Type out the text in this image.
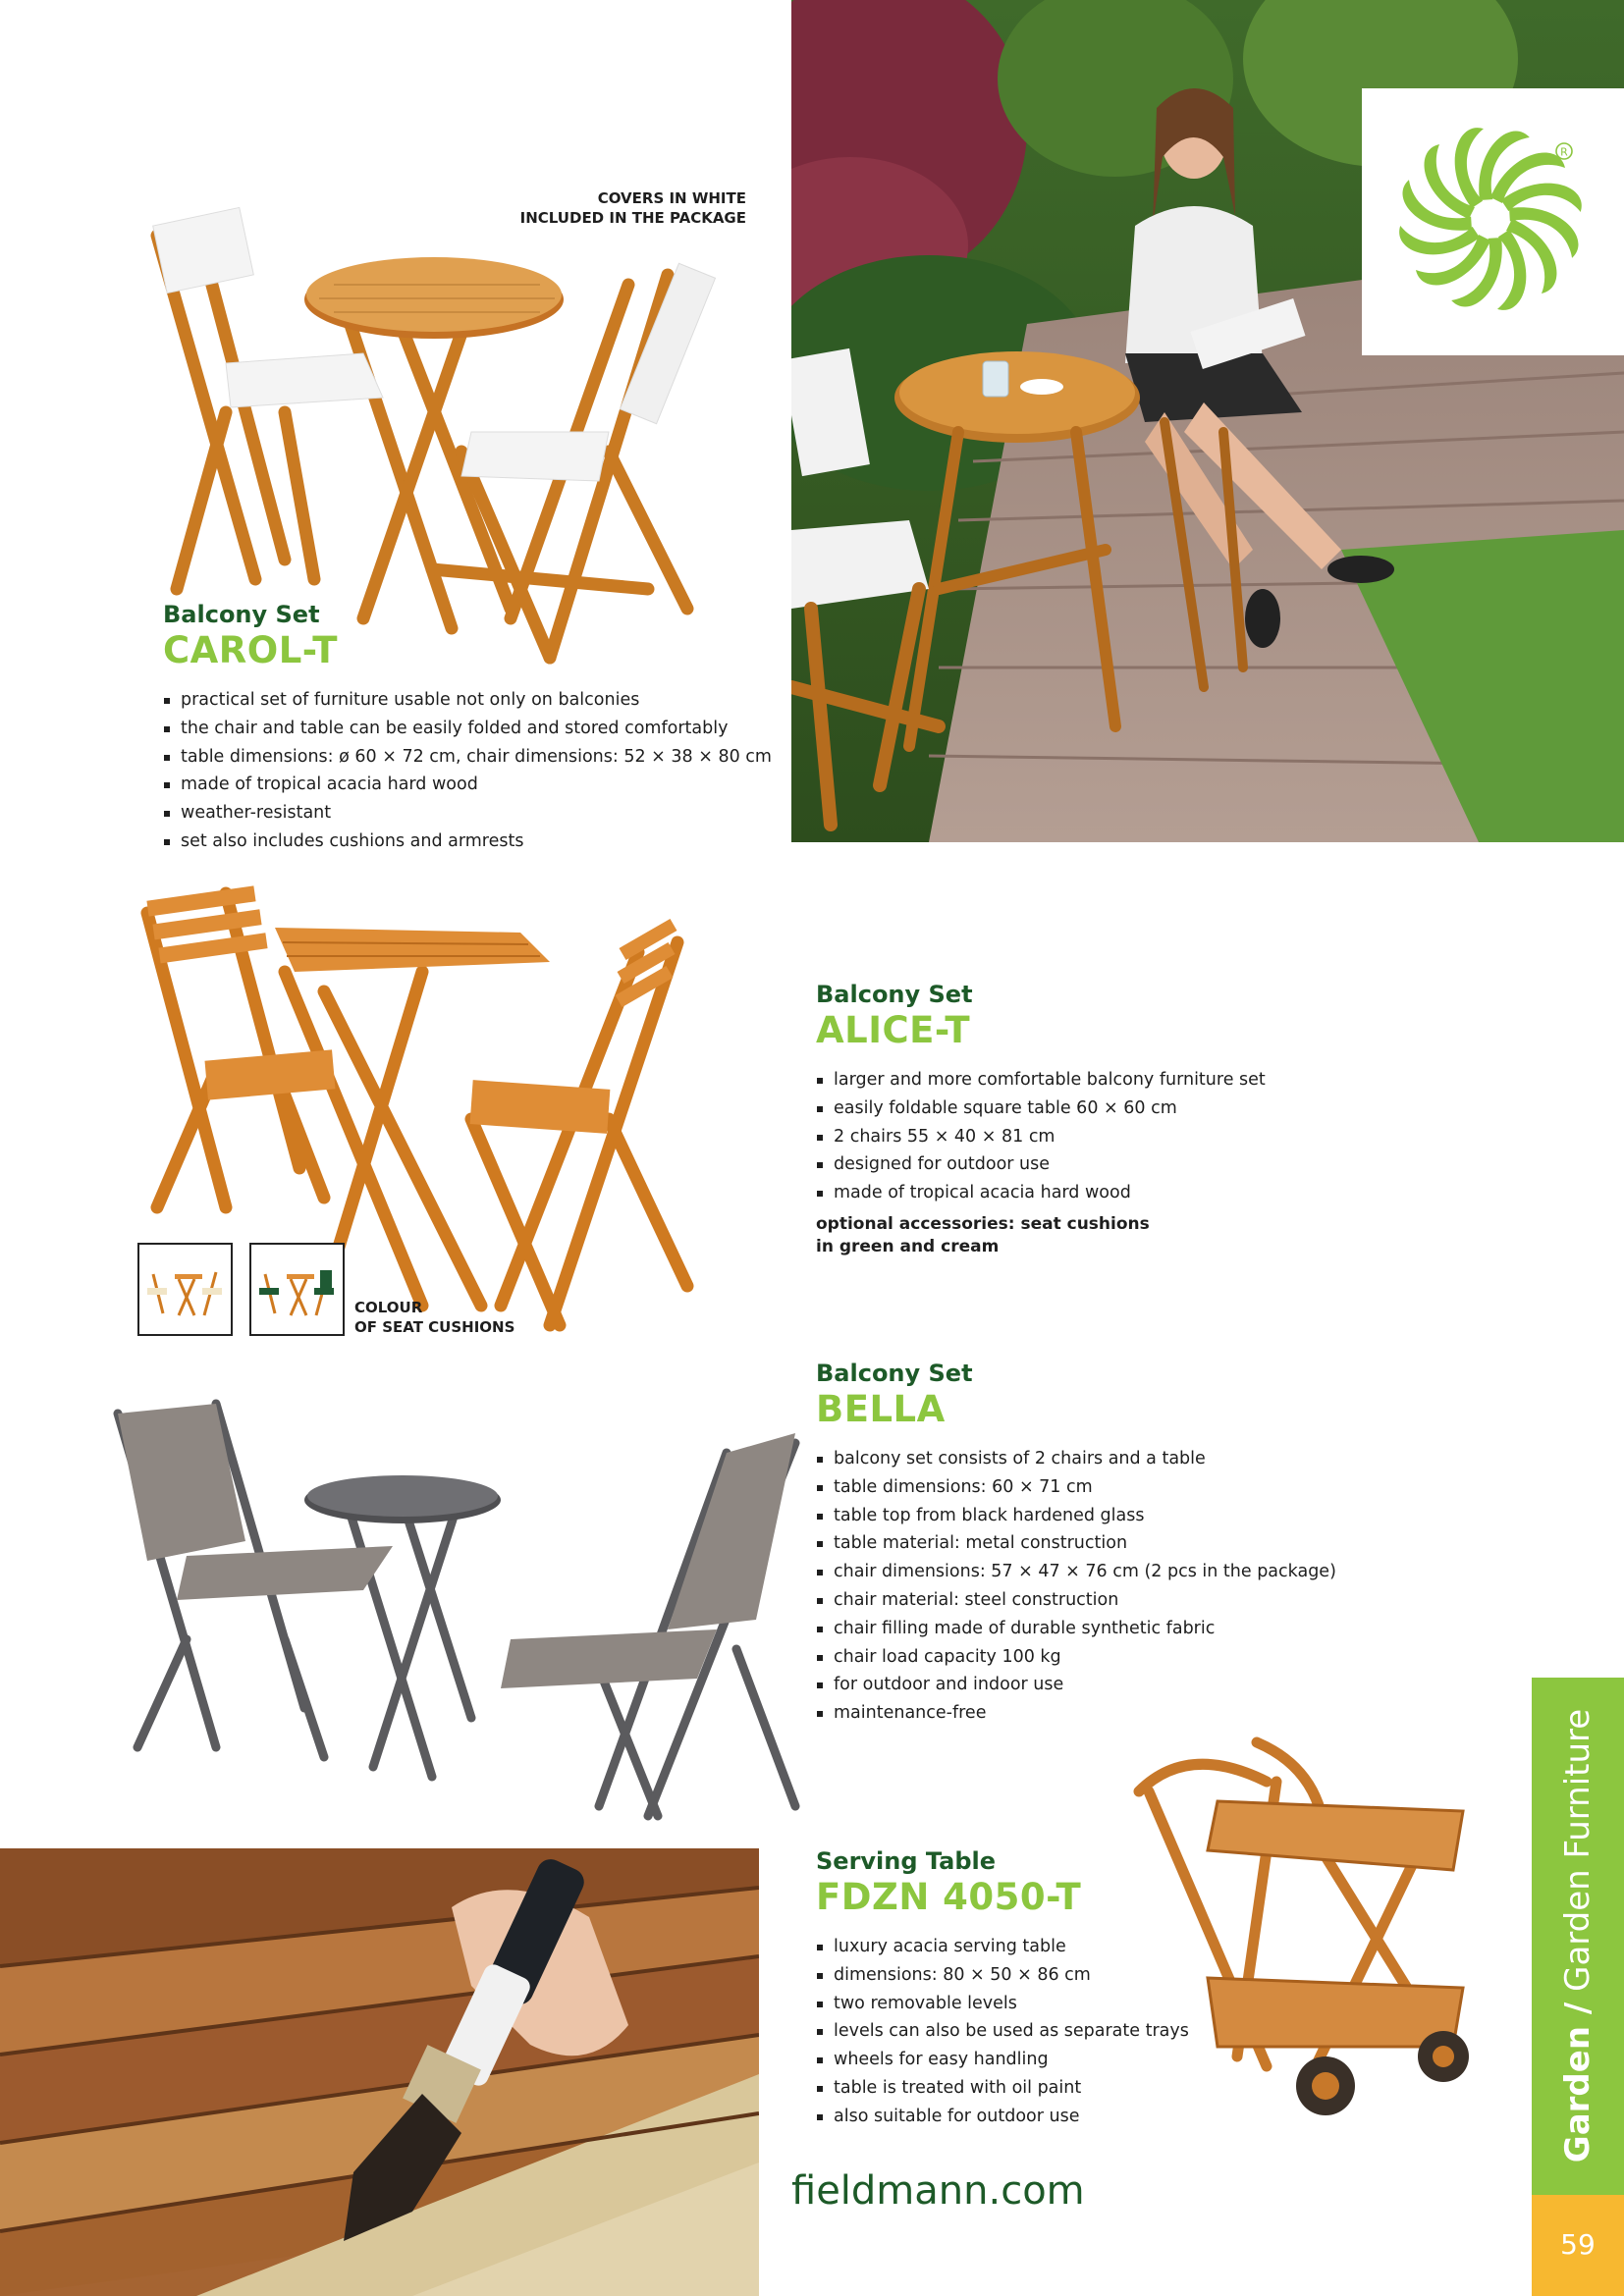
R
COVERS IN WHITE
INCLUDED IN THE PACKAGE
Balcony Set
CAROL-T
practical set of furniture usable not only on balconies
the chair and table can be easily folded and stored comfortably
table dimensions: ø 60 × 72 cm, chair dimensions: 52 × 38 × 80 cm
made of tropical acacia hard wood
weather-resistant
set also includes cushions and armrests
COLOUR
OF SEAT CUSHIONS
Balcony Set
ALICE-T
larger and more comfortable balcony furniture set
easily foldable square table 60 × 60 cm
2 chairs 55 × 40 × 81 cm
designed for outdoor use
made of tropical acacia hard wood
optional accessories: seat cushions
in green and cream
Balcony Set
BELLA
balcony set consists of 2 chairs and a table
table dimensions: 60 × 71 cm
table top from black hardened glass
table material: metal construction
chair dimensions: 57 × 47 × 76 cm (2 pcs in the package)
chair material: steel construction
chair filling made of durable synthetic fabric
chair load capacity 100 kg
for outdoor and indoor use
maintenance-free
Serving Table
FDZN 4050-T
luxury acacia serving table
dimensions: 80 × 50 × 86 cm
two removable levels
levels can also be used as separate trays
wheels for easy handling
table is treated with oil paint
also suitable for outdoor use
fieldmann.com
Garden / Garden Furniture
59
